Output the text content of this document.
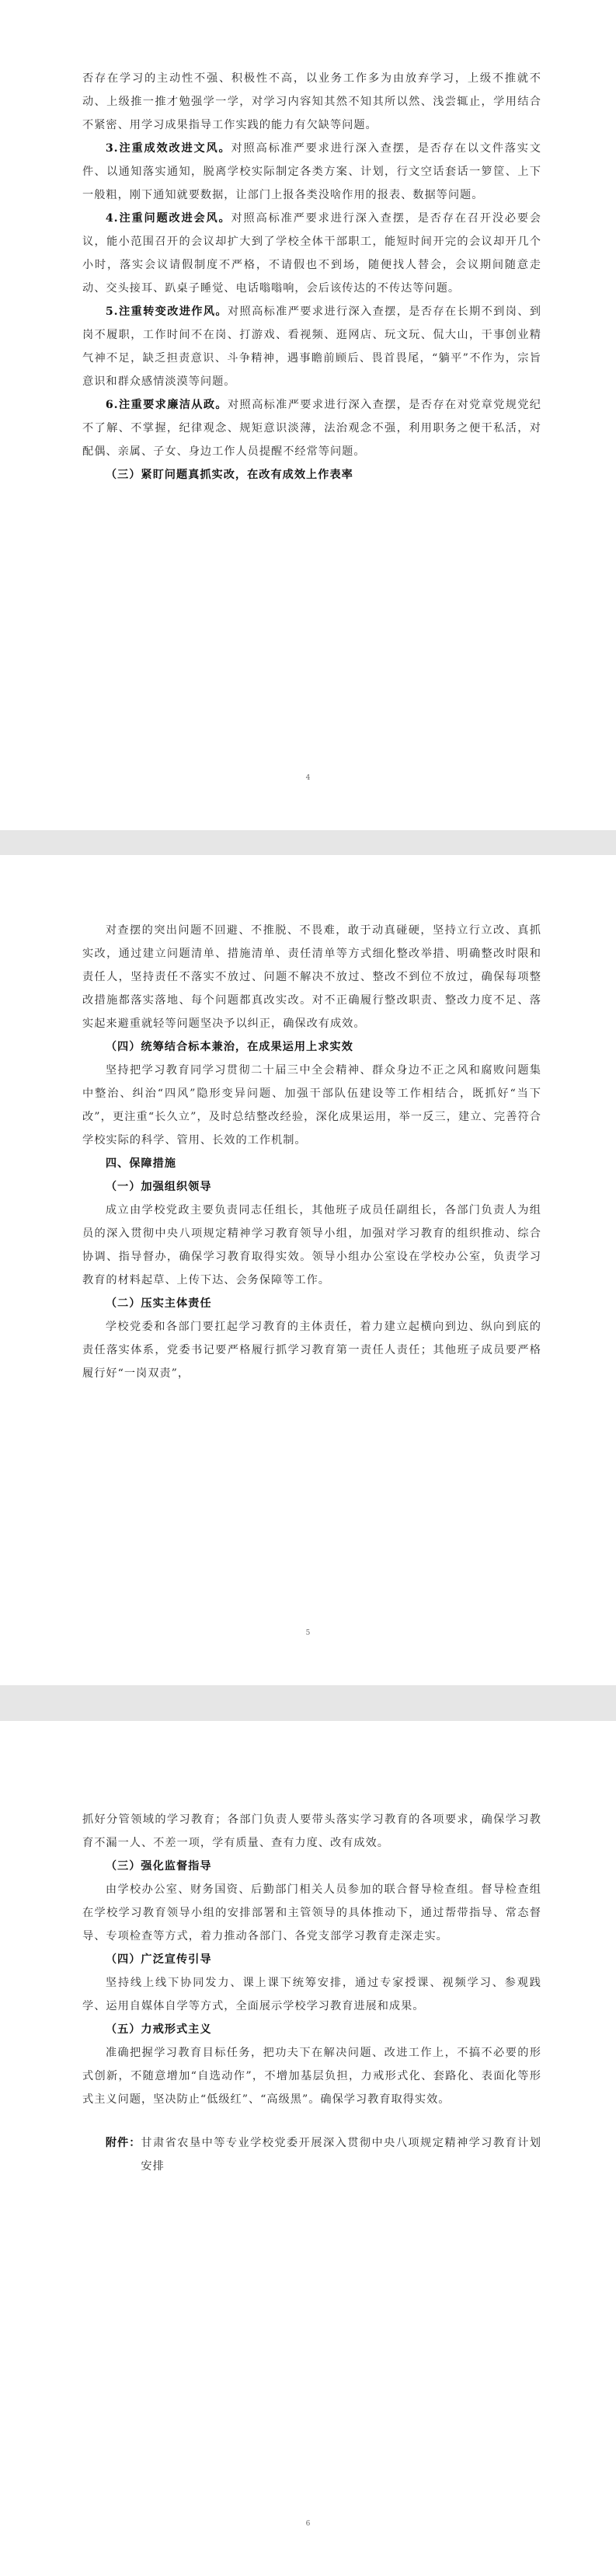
否存在学习的主动性不强、积极性不高，以业务工作多为由放弃学习，上级不推就不动、上级推一推才勉强学一学，对学习内容知其然不知其所以然、浅尝辄止，学用结合不紧密、用学习成果指导工作实践的能力有欠缺等问题。

3.注重成效改进文风。对照高标准严要求进行深入查摆，是否存在以文件落实文件、以通知落实通知，脱离学校实际制定各类方案、计划，行文空话套话一箩筐、上下一般粗，刚下通知就要数据，让部门上报各类没啥作用的报表、数据等问题。

4.注重问题改进会风。对照高标准严要求进行深入查摆，是否存在召开没必要会议，能小范围召开的会议却扩大到了学校全体干部职工，能短时间开完的会议却开几个小时，落实会议请假制度不严格，不请假也不到场，随便找人替会，会议期间随意走动、交头接耳、趴桌子睡觉、电话嗡嗡响，会后该传达的不传达等问题。

5.注重转变改进作风。对照高标准严要求进行深入查摆，是否存在长期不到岗、到岗不履职，工作时间不在岗、打游戏、看视频、逛网店、玩文玩、侃大山，干事创业精气神不足，缺乏担责意识、斗争精神，遇事瞻前顾后、畏首畏尾，“躺平”不作为，宗旨意识和群众感情淡漠等问题。

6.注重要求廉洁从政。对照高标准严要求进行深入查摆，是否存在对党章党规党纪不了解、不掌握，纪律观念、规矩意识淡薄，法治观念不强，利用职务之便干私活，对配偶、亲属、子女、身边工作人员提醒不经常等问题。

（三）紧盯问题真抓实改，在改有成效上作表率

4

对查摆的突出问题不回避、不推脱、不畏难，敢于动真碰硬，坚持立行立改、真抓实改，通过建立问题清单、措施清单、责任清单等方式细化整改举措、明确整改时限和责任人，坚持责任不落实不放过、问题不解决不放过、整改不到位不放过，确保每项整改措施都落实落地、每个问题都真改实改。对不正确履行整改职责、整改力度不足、落实起来避重就轻等问题坚决予以纠正，确保改有成效。

（四）统筹结合标本兼治，在成果运用上求实效

坚持把学习教育同学习贯彻二十届三中全会精神、群众身边不正之风和腐败问题集中整治、纠治“四风”隐形变异问题、加强干部队伍建设等工作相结合，既抓好“当下改”，更注重“长久立”，及时总结整改经验，深化成果运用，举一反三，建立、完善符合学校实际的科学、管用、长效的工作机制。

四、保障措施

（一）加强组织领导

成立由学校党政主要负责同志任组长，其他班子成员任副组长，各部门负责人为组员的深入贯彻中央八项规定精神学习教育领导小组，加强对学习教育的组织推动、综合协调、指导督办，确保学习教育取得实效。领导小组办公室设在学校办公室，负责学习教育的材料起草、上传下达、会务保障等工作。

（二）压实主体责任

学校党委和各部门要扛起学习教育的主体责任，着力建立起横向到边、纵向到底的责任落实体系，党委书记要严格履行抓学习教育第一责任人责任；其他班子成员要严格履行好“一岗双责”，

5

抓好分管领域的学习教育；各部门负责人要带头落实学习教育的各项要求，确保学习教育不漏一人、不差一项，学有质量、查有力度、改有成效。

（三）强化监督指导

由学校办公室、财务国资、后勤部门相关人员参加的联合督导检查组。督导检查组在学校学习教育领导小组的安排部署和主管领导的具体推动下，通过帮带指导、常态督导、专项检查等方式，着力推动各部门、各党支部学习教育走深走实。

（四）广泛宣传引导

坚持线上线下协同发力、课上课下统筹安排，通过专家授课、视频学习、参观践学、运用自媒体自学等方式，全面展示学校学习教育进展和成果。

（五）力戒形式主义

准确把握学习教育目标任务，把功夫下在解决问题、改进工作上，不搞不必要的形式创新，不随意增加“自选动作”，不增加基层负担，力戒形式化、套路化、表面化等形式主义问题，坚决防止“低级红”、“高级黑”。确保学习教育取得实效。

附件： 甘肃省农垦中等专业学校党委开展深入贯彻中央八项规定精神学习教育计划安排
6
